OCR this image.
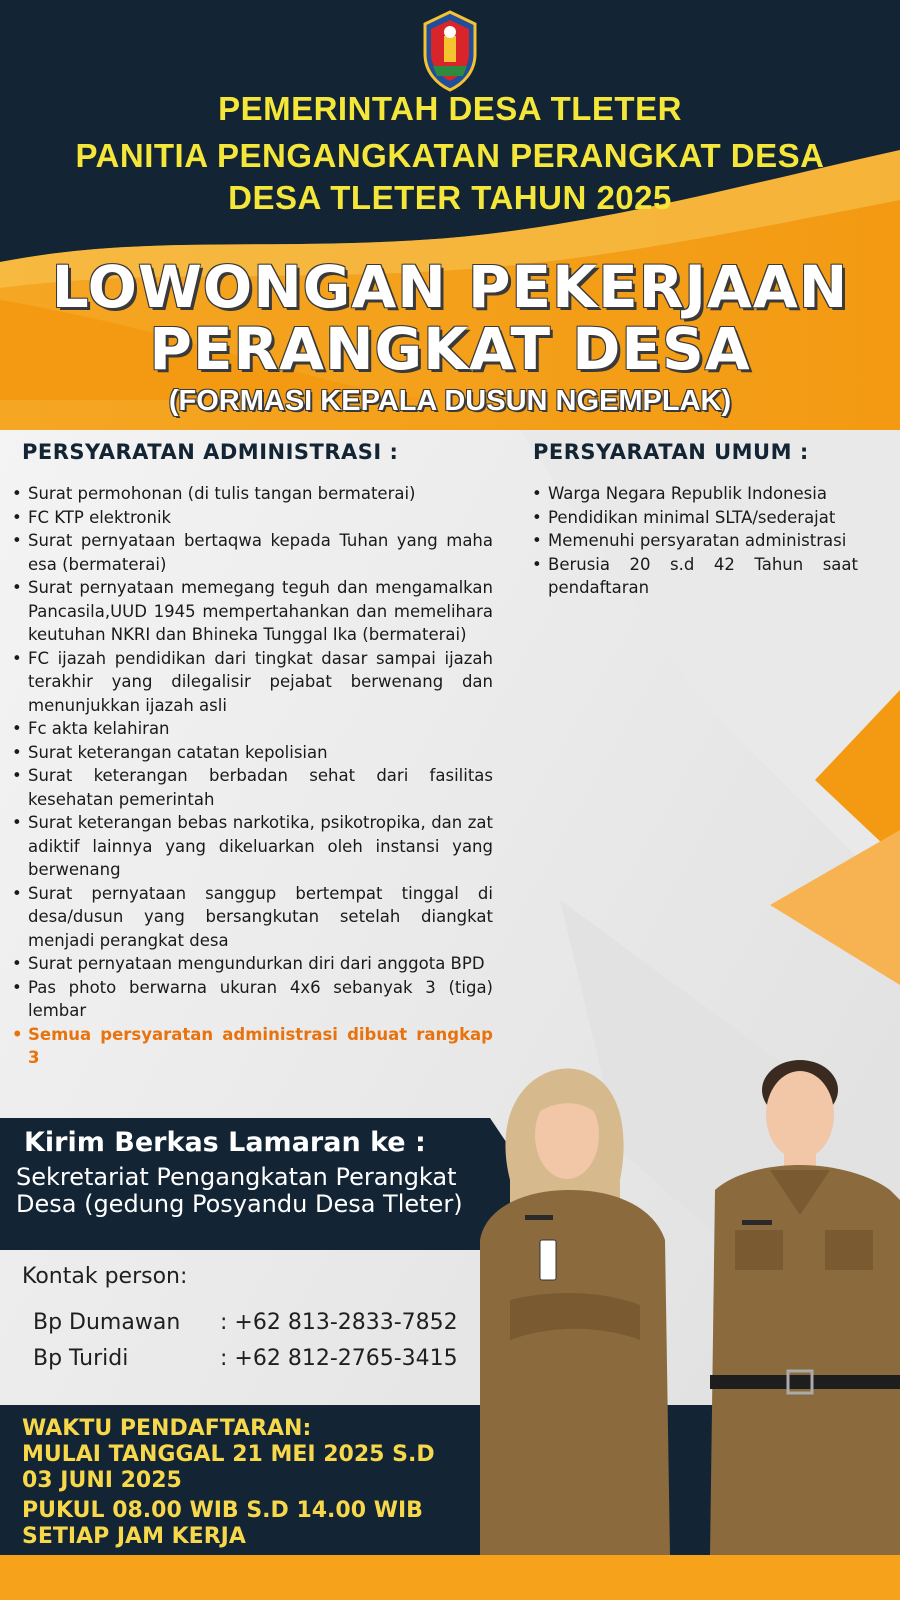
PEMERINTAH DESA TLETER
PANITIA PENGANGKATAN PERANGKAT DESA
DESA TLETER TAHUN 2025
LOWONGAN PEKERJAAN
PERANGKAT DESA
(FORMASI KEPALA DUSUN NGEMPLAK)
PERSYARATAN ADMINISTRASI :	PERSYARATAN UMUM :
• Surat permohonan (di tulis tangan bermaterai)
• FC KTP elektronik
• Surat pernyataan bertaqwa kepada Tuhan yang maha esa (bermaterai)
• Surat pernyataan memegang teguh dan mengamalkan Pancasila,UUD 1945 mempertahankan dan memelihara keutuhan NKRI dan Bhineka Tunggal Ika (bermaterai)
• FC ijazah pendidikan dari tingkat dasar sampai ijazah terakhir yang dilegalisir pejabat berwenang dan menunjukkan ijazah asli
• Fc akta kelahiran
• Surat keterangan catatan kepolisian
• Surat keterangan berbadan sehat dari fasilitas kesehatan pemerintah
• Surat keterangan bebas narkotika, psikotropika, dan zat adiktif lainnya yang dikeluarkan oleh instansi yang berwenang
• Surat pernyataan sanggup bertempat tinggal di desa/dusun yang bersangkutan setelah diangkat menjadi perangkat desa
• Surat pernyataan mengundurkan diri dari anggota BPD
• Pas photo berwarna ukuran 4x6 sebanyak 3 (tiga) lembar
• Semua persyaratan administrasi dibuat rangkap 3
• Warga Negara Republik Indonesia
• Pendidikan minimal SLTA/sederajat
• Memenuhi persyaratan administrasi
• Berusia 20 s.d 42 Tahun saat pendaftaran
Kirim Berkas Lamaran ke :
Sekretariat Pengangkatan Perangkat Desa (gedung Posyandu Desa Tleter)
Kontak person:
Bp Dumawan : +62 813-2833-7852
Bp Turidi	: +62 812-2765-3415
WAKTU PENDAFTARAN:
MULAI TANGGAL 21 MEI 2025 S.D
03 JUNI 2025
PUKUL 08.00 WIB S.D 14.00 WIB
SETIAP JAM KERJA
